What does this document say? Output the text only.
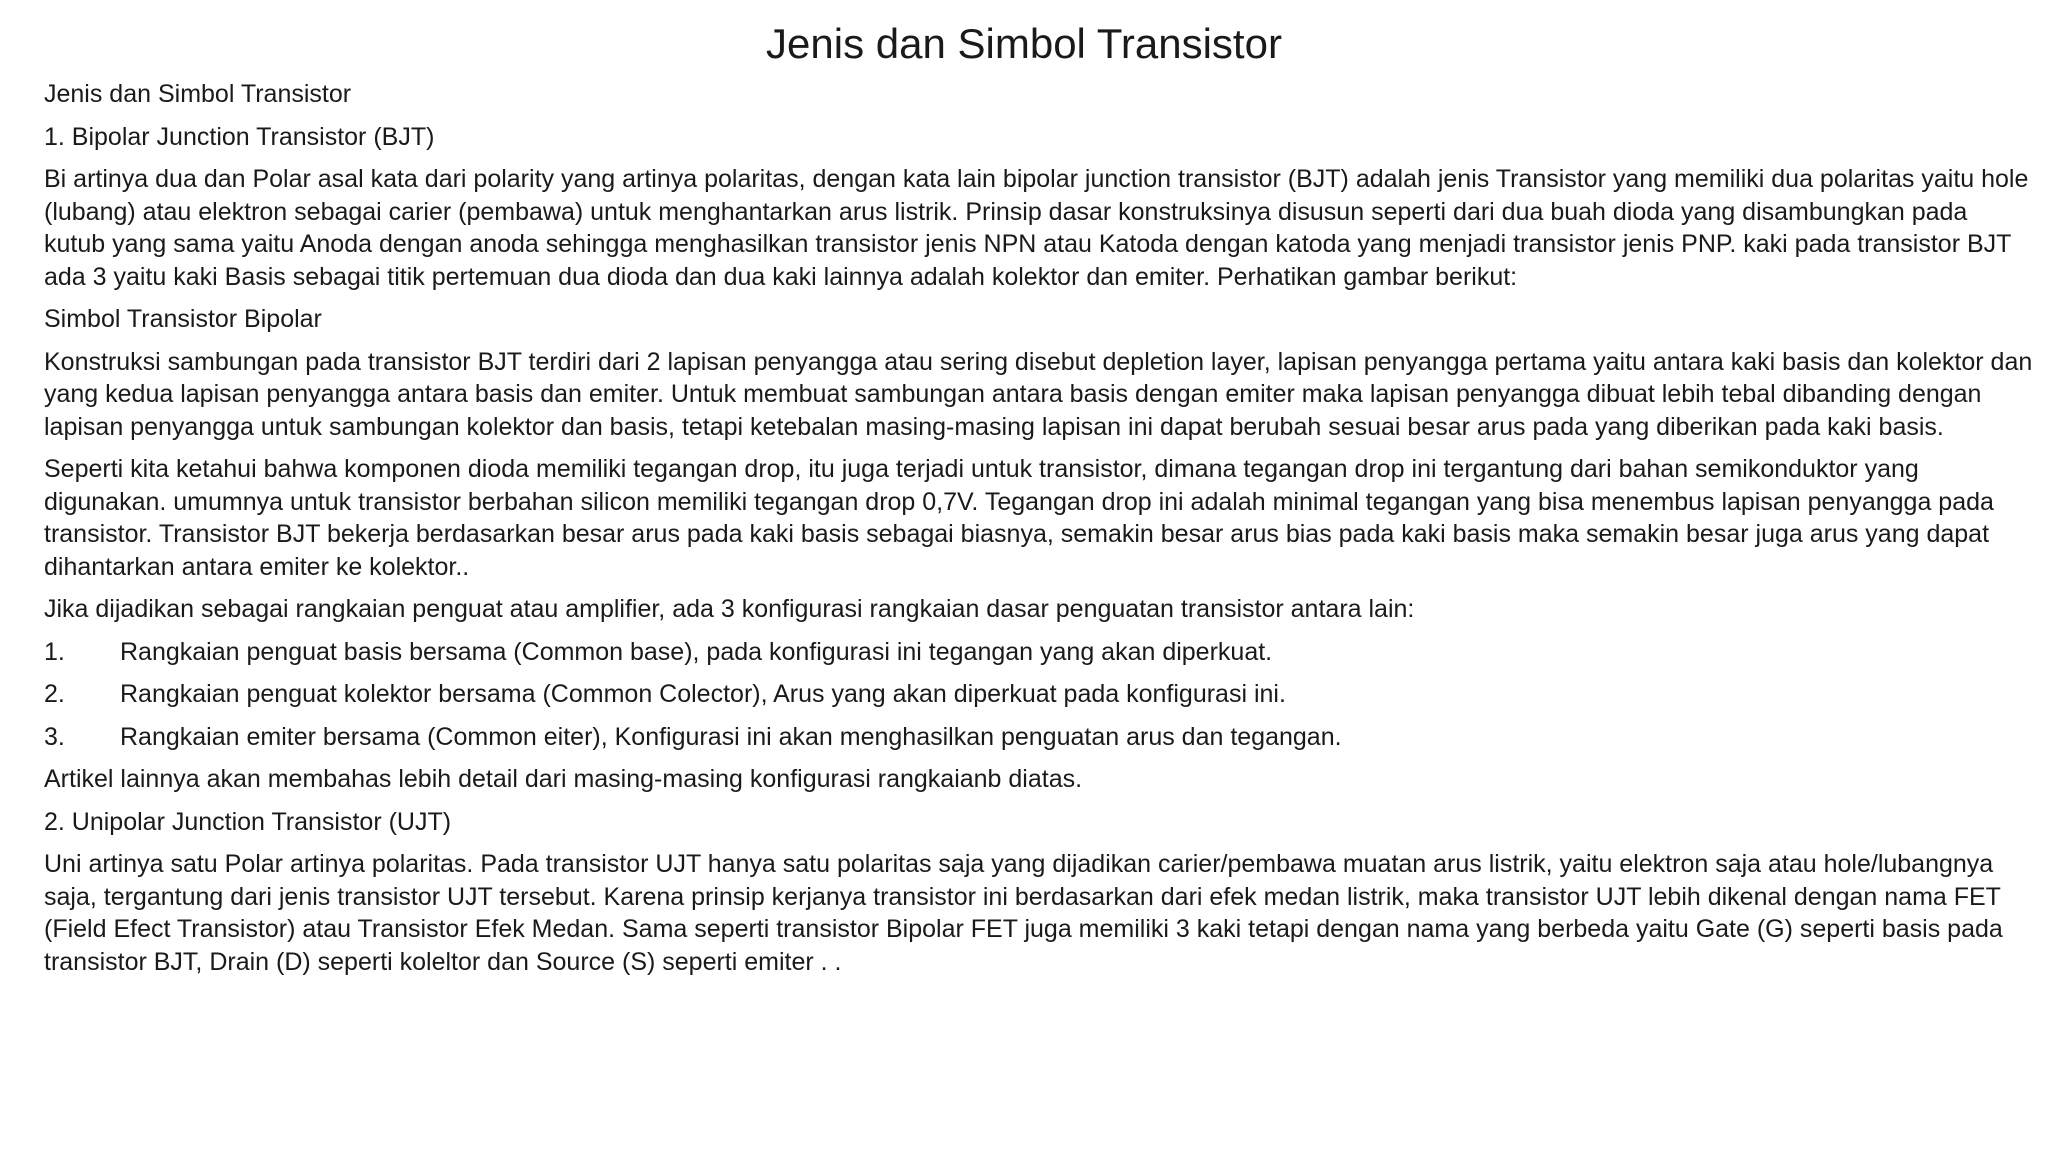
Jenis dan Simbol Transistor

Jenis dan Simbol Transistor

1. Bipolar Junction Transistor (BJT)

Bi artinya dua dan Polar asal kata dari polarity yang artinya polaritas, dengan kata lain bipolar junction transistor (BJT) adalah jenis Transistor yang memiliki dua polaritas yaitu hole (lubang) atau elektron sebagai carier (pembawa) untuk menghantarkan arus listrik. Prinsip dasar konstruksinya disusun seperti dari dua buah dioda yang disambungkan pada kutub yang sama yaitu Anoda dengan anoda sehingga menghasilkan transistor jenis NPN atau Katoda dengan katoda yang menjadi transistor jenis PNP. kaki pada transistor BJT ada 3 yaitu kaki Basis sebagai titik pertemuan dua dioda dan dua kaki lainnya adalah kolektor dan emiter. Perhatikan gambar berikut:

Simbol Transistor Bipolar

Konstruksi sambungan pada transistor BJT terdiri dari 2 lapisan penyangga atau sering disebut depletion layer, lapisan penyangga pertama yaitu antara kaki basis dan kolektor dan yang kedua lapisan penyangga antara basis dan emiter. Untuk membuat sambungan antara basis dengan emiter maka lapisan penyangga dibuat lebih tebal dibanding dengan lapisan penyangga untuk sambungan kolektor dan basis, tetapi ketebalan masing-masing lapisan ini dapat berubah sesuai besar arus pada yang diberikan pada kaki basis.

Seperti kita ketahui bahwa komponen dioda memiliki tegangan drop, itu juga terjadi untuk transistor, dimana tegangan drop ini tergantung dari bahan semikonduktor yang digunakan. umumnya untuk transistor berbahan silicon memiliki tegangan drop 0,7V. Tegangan drop ini adalah minimal tegangan yang bisa menembus lapisan penyangga pada transistor. Transistor BJT bekerja berdasarkan besar arus pada kaki basis sebagai biasnya, semakin besar arus bias pada kaki basis maka semakin besar juga arus yang dapat dihantarkan antara emiter ke kolektor..

Jika dijadikan sebagai rangkaian penguat atau amplifier, ada 3 konfigurasi rangkaian dasar penguatan transistor antara lain:

1.	Rangkaian penguat basis bersama (Common base), pada konfigurasi ini tegangan yang akan diperkuat.
2.	Rangkaian penguat kolektor bersama (Common Colector), Arus yang akan diperkuat pada konfigurasi ini.
3.	Rangkaian emiter bersama (Common eiter), Konfigurasi ini akan menghasilkan penguatan arus dan tegangan.

Artikel lainnya akan membahas lebih detail dari masing-masing konfigurasi rangkaianb diatas.

2. Unipolar Junction Transistor (UJT)

Uni artinya satu Polar artinya polaritas. Pada transistor UJT hanya satu polaritas saja yang dijadikan carier/pembawa muatan arus listrik, yaitu elektron saja atau hole/lubangnya saja, tergantung dari jenis transistor UJT tersebut. Karena prinsip kerjanya transistor ini berdasarkan dari efek medan listrik, maka transistor UJT lebih dikenal dengan nama FET (Field Efect Transistor) atau Transistor Efek Medan. Sama seperti transistor Bipolar FET juga memiliki 3 kaki tetapi dengan nama yang berbeda yaitu Gate (G) seperti basis pada transistor BJT, Drain (D) seperti koleltor dan Source (S) seperti emiter . .
